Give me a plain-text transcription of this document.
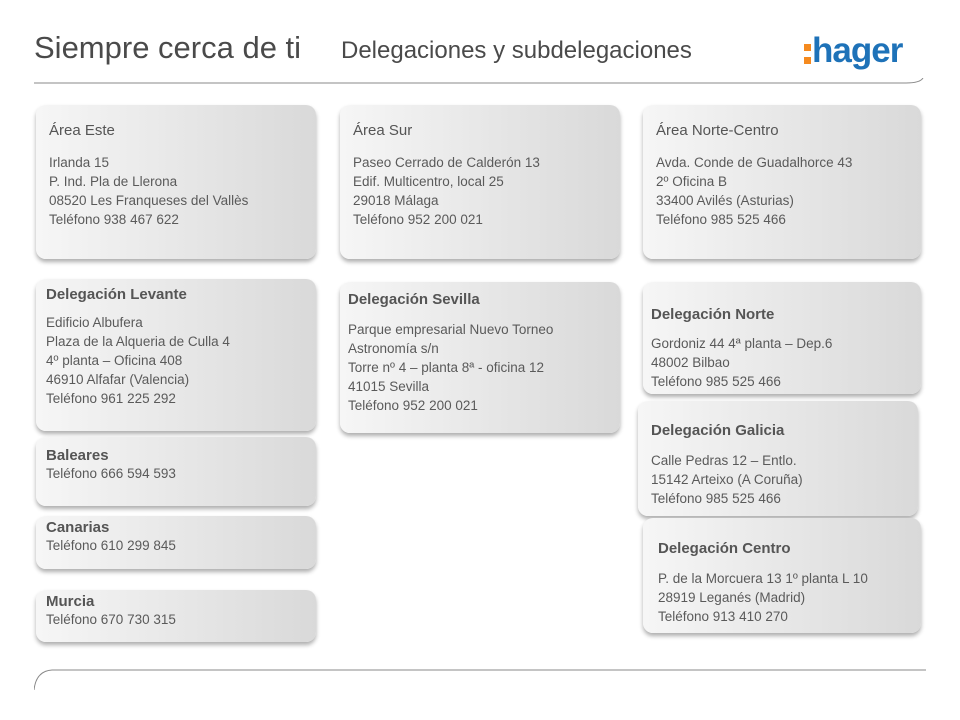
Siempre cerca de ti Delegaciones y subdelegaciones	hager
Área Este
Irlanda 15
P. Ind. Pla de Llerona
08520 Les Franqueses del Vallès
Teléfono 938 467 622
Delegación Levante
Edificio Albufera
Plaza de la Alqueria de Culla 4
4º planta – Oficina 408
46910 Alfafar (Valencia)
Teléfono 961 225 292
Baleares
Teléfono 666 594 593
Canarias
Teléfono 610 299 845
Murcia
Teléfono 670 730 315
Área Sur
Paseo Cerrado de Calderón 13
Edif. Multicentro, local 25
29018 Málaga
Teléfono 952 200 021
Delegación Sevilla
Parque empresarial Nuevo Torneo
Astronomía s/n
Torre nº 4 – planta 8ª - oficina 12
41015 Sevilla
Teléfono 952 200 021
Área Norte-Centro
Avda. Conde de Guadalhorce 43
2º Oficina B
33400 Avilés (Asturias)
Teléfono 985 525 466
Delegación Norte
Gordoniz 44 4ª planta – Dep.6
48002 Bilbao
Teléfono 985 525 466
Delegación Galicia
Calle Pedras 12 – Entlo.
15142 Arteixo (A Coruña)
Teléfono 985 525 466
Delegación Centro
P. de la Morcuera 13 1º planta L 10
28919 Leganés (Madrid)
Teléfono 913 410 270
